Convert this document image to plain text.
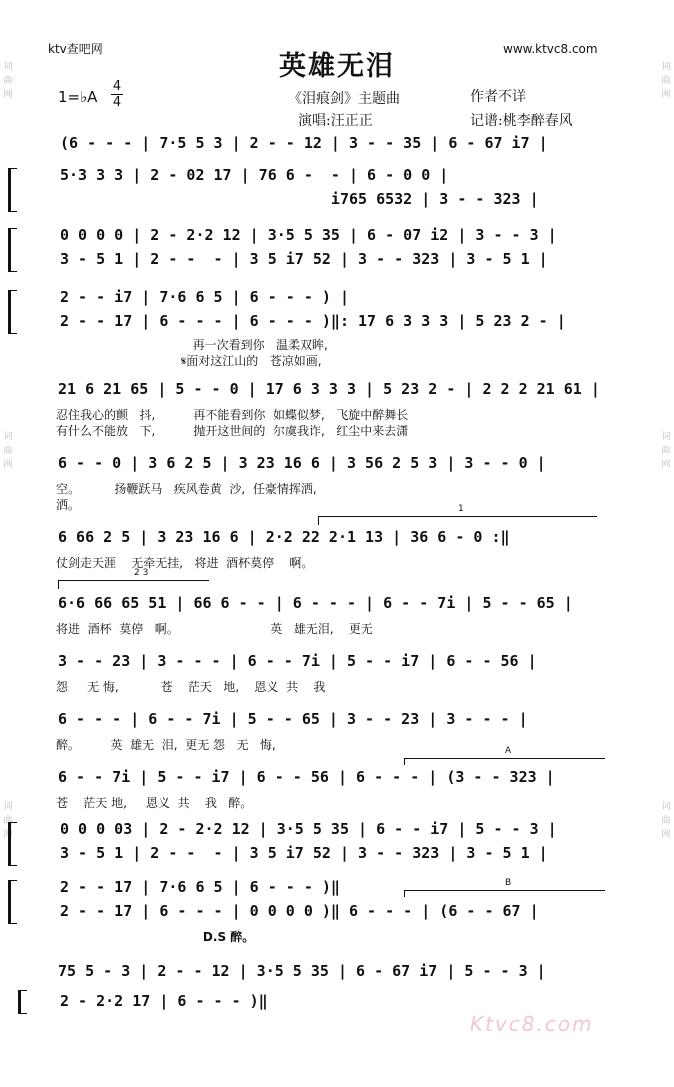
ktv查吧网
英雄无泪
www.ktvc8.com
1=♭A
4
4	《泪痕剑》主题曲	作者不详
演唱:汪正正	记谱:桃李醉春风
词曲网
词曲网
词曲网
词曲网
词曲网
词曲网
(6 - - - | 7·5 5 3 | 2 - - 12 | 3 - - 35 | 6 - 67 i7 |
5·3 3 3 | 2 - 02 17 | 76 6 -  - | 6 - 0 0 |
i765 6532 | 3 - - 323 |
0 0 0 0 | 2 - 2·2 12 | 3·5 5 35 | 6 - 07 i2 | 3 - - 3 |
3 - 5 1 | 2 - -  - | 3 5 i7 52 | 3 - - 323 | 3 - 5 1 |
2 - - i7 | 7·6 6 5 | 6 - - - ) |
2 - - 17 | 6 - - - | 6 - - - )‖: 17 6 3 3 3 | 5 23 2 - |
再一次看到你   温柔双眸,
𝄋面对这江山的   苍凉如画,
21 6 21 65 | 5 - - 0 | 17 6 3 3 3 | 5 23 2 - | 2 2 2 21 61 |
忍住我心的颤   抖,          再不能看到你  如蝶似梦,   飞旋中醉舞长
有什么不能放   下,          抛开这世间的  尔虞我诈,   红尘中来去潇
6 - - 0 | 3 6 2 5 | 3 23 16 6 | 3 56 2 5 3 | 3 - - 0 |
空。         扬鞭跃马   疾风卷黄  沙,  任豪情挥洒,
洒。	1
6 66 2 5 | 3 23 16 6 | 2·2 22 2·1 13 | 36 6 - 0 :‖
仗剑走天涯    无牵无挂,   将进  酒杯莫停    啊。
2 3
6·6 66 65 51 | 66 6 - - | 6 - - - | 6 - - 7i | 5 - - 65 |
将进  酒杯  莫停   啊。                        英   雄无泪,    更无
3 - - 23 | 3 - - - | 6 - - 7i | 5 - - i7 | 6 - - 56 |
怨     无 悔,           苍    茫天   地,    恩义  共    我
6 - - - | 6 - - 7i | 5 - - 65 | 3 - - 23 | 3 - - - |
醉。        英  雄无  泪,  更无 怨   无   悔,	A
6 - - 7i | 5 - - i7 | 6 - - 56 | 6 - - - | (3 - - 323 |
苍    茫天 地,     恩义  共    我   醉。
0 0 0 03 | 2 - 2·2 12 | 3·5 5 35 | 6 - - i7 | 5 - - 3 |
3 - 5 1 | 2 - -  - | 3 5 i7 52 | 3 - - 323 | 3 - 5 1 |
B
2 - - 17 | 7·6 6 5 | 6 - - - )‖
2 - - 17 | 6 - - - | 0 0 0 0 )‖ 6 - - - | (6 - - 67 |
D.S 醉。
75 5 - 3 | 2 - - 12 | 3·5 5 35 | 6 - 67 i7 | 5 - - 3 |
2 - 2·2 17 | 6 - - - )‖
Ktvc8.com
